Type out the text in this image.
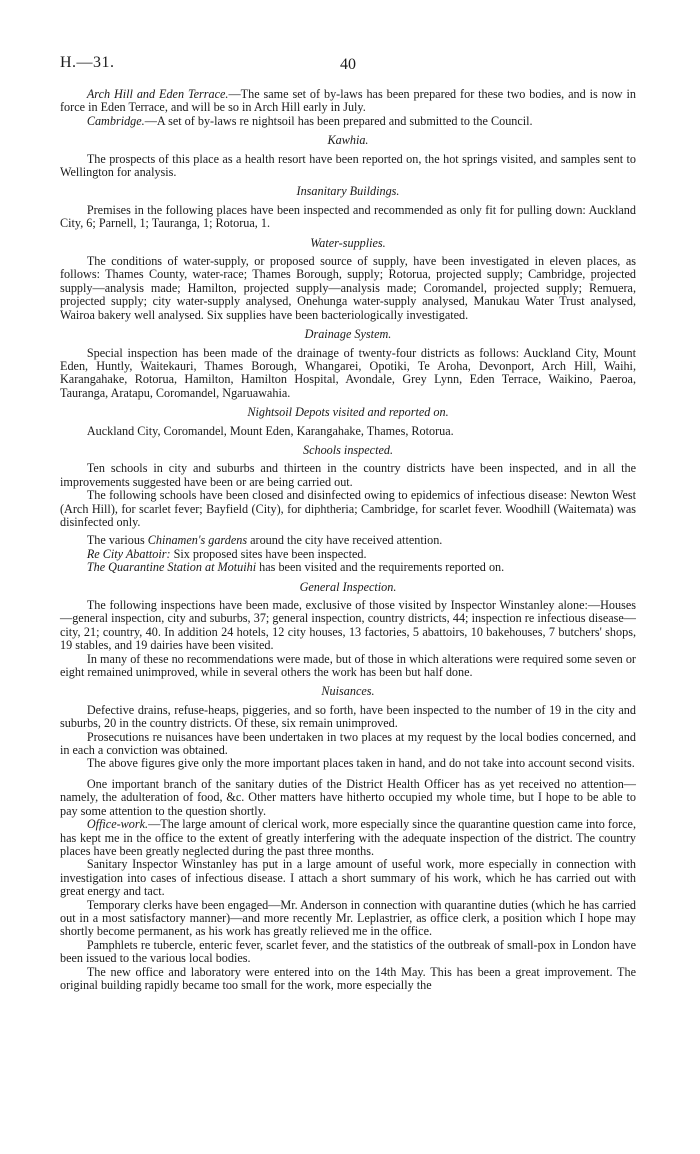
H.—31.	40

Arch Hill and Eden Terrace.—The same set of by-laws has been prepared for these two bodies, and is now in force in Eden Terrace, and will be so in Arch Hill early in July.

Cambridge.—A set of by-laws re nightsoil has been prepared and submitted to the Council.

Kawhia.

The prospects of this place as a health resort have been reported on, the hot springs visited, and samples sent to Wellington for analysis.

Insanitary Buildings.

Premises in the following places have been inspected and recommended as only fit for pulling down: Auckland City, 6; Parnell, 1; Tauranga, 1; Rotorua, 1.

Water-supplies.

The conditions of water-supply, or proposed source of supply, have been investigated in eleven places, as follows: Thames County, water-race; Thames Borough, supply; Rotorua, projected supply; Cambridge, projected supply—analysis made; Hamilton, projected supply—analysis made; Coromandel, projected supply; Remuera, projected supply; city water-supply analysed, Onehunga water-supply analysed, Manukau Water Trust analysed, Wairoa bakery well analysed. Six supplies have been bacteriologically investigated.

Drainage System.

Special inspection has been made of the drainage of twenty-four districts as follows: Auckland City, Mount Eden, Huntly, Waitekauri, Thames Borough, Whangarei, Opotiki, Te Aroha, Devonport, Arch Hill, Waihi, Karangahake, Rotorua, Hamilton, Hamilton Hospital, Avondale, Grey Lynn, Eden Terrace, Waikino, Paeroa, Tauranga, Aratapu, Coromandel, Ngaruawahia.

Nightsoil Depots visited and reported on.

Auckland City, Coromandel, Mount Eden, Karangahake, Thames, Rotorua.

Schools inspected.

Ten schools in city and suburbs and thirteen in the country districts have been inspected, and in all the improvements suggested have been or are being carried out.

The following schools have been closed and disinfected owing to epidemics of infectious disease: Newton West (Arch Hill), for scarlet fever; Bayfield (City), for diphtheria; Cambridge, for scarlet fever. Woodhill (Waitemata) was disinfected only.

The various Chinamen's gardens around the city have received attention.

Re City Abattoir: Six proposed sites have been inspected.

The Quarantine Station at Motuihi has been visited and the requirements reported on.

General Inspection.

The following inspections have been made, exclusive of those visited by Inspector Winstanley alone:—Houses—general inspection, city and suburbs, 37; general inspection, country districts, 44; inspection re infectious disease—city, 21; country, 40. In addition 24 hotels, 12 city houses, 13 factories, 5 abattoirs, 10 bakehouses, 7 butchers' shops, 19 stables, and 19 dairies have been visited.

In many of these no recommendations were made, but of those in which alterations were required some seven or eight remained unimproved, while in several others the work has been but half done.

Nuisances.

Defective drains, refuse-heaps, piggeries, and so forth, have been inspected to the number of 19 in the city and suburbs, 20 in the country districts. Of these, six remain unimproved.

Prosecutions re nuisances have been undertaken in two places at my request by the local bodies concerned, and in each a conviction was obtained.

The above figures give only the more important places taken in hand, and do not take into account second visits.

One important branch of the sanitary duties of the District Health Officer has as yet received no attention—namely, the adulteration of food, &c. Other matters have hitherto occupied my whole time, but I hope to be able to pay some attention to the question shortly.

Office-work.—The large amount of clerical work, more especially since the quarantine question came into force, has kept me in the office to the extent of greatly interfering with the adequate inspection of the district. The country places have been greatly neglected during the past three months.

Sanitary Inspector Winstanley has put in a large amount of useful work, more especially in connection with investigation into cases of infectious disease. I attach a short summary of his work, which he has carried out with great energy and tact.

Temporary clerks have been engaged—Mr. Anderson in connection with quarantine duties (which he has carried out in a most satisfactory manner)—and more recently Mr. Leplastrier, as office clerk, a position which I hope may shortly become permanent, as his work has greatly relieved me in the office.

Pamphlets re tubercle, enteric fever, scarlet fever, and the statistics of the outbreak of small-pox in London have been issued to the various local bodies.

The new office and laboratory were entered into on the 14th May. This has been a great improvement. The original building rapidly became too small for the work, more especially the
